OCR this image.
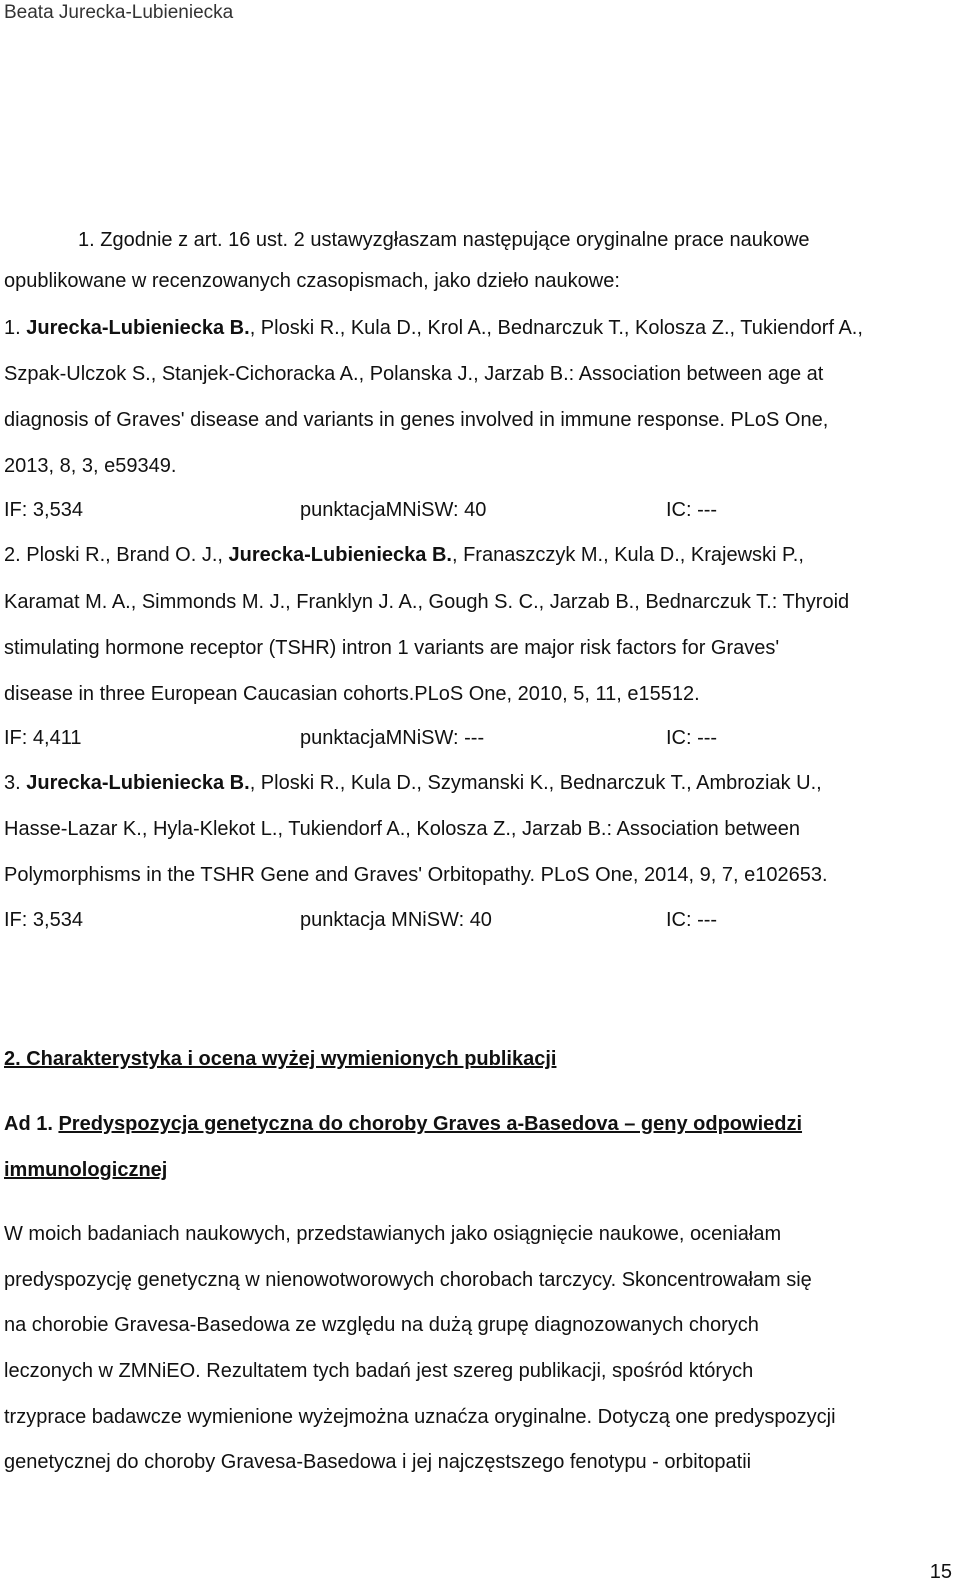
Beata Jurecka-Lubieniecka
1. Zgodnie z art. 16 ust. 2 ustawyzgłaszam następujące oryginalne prace naukowe
opublikowane w recenzowanych czasopismach, jako dzieło naukowe:
1. Jurecka-Lubieniecka B., Ploski R., Kula D., Krol A., Bednarczuk T., Kolosza Z., Tukiendorf A.,
Szpak-Ulczok S., Stanjek-Cichoracka A., Polanska J., Jarzab B.: Association between age at
diagnosis of Graves' disease and variants in genes involved in immune response. PLoS One,
2013, 8, 3, e59349.
IF: 3,534	punktacjaMNiSW: 40	IC: ---
2. Ploski R., Brand O. J., Jurecka-Lubieniecka B., Franaszczyk M., Kula D., Krajewski P.,
Karamat M. A., Simmonds M. J., Franklyn J. A., Gough S. C., Jarzab B., Bednarczuk T.: Thyroid
stimulating hormone receptor (TSHR) intron 1 variants are major risk factors for Graves'
disease in three European Caucasian cohorts.PLoS One, 2010, 5, 11, e15512.
IF: 4,411	punktacjaMNiSW: ---	IC: ---
3. Jurecka-Lubieniecka B., Ploski R., Kula D., Szymanski K., Bednarczuk T., Ambroziak U.,
Hasse-Lazar K., Hyla-Klekot L., Tukiendorf A., Kolosza Z., Jarzab B.: Association between
Polymorphisms in the TSHR Gene and Graves' Orbitopathy. PLoS One, 2014, 9, 7, e102653.
IF: 3,534	punktacja MNiSW: 40	IC: ---
2. Charakterystyka i ocena wyżej wymienionych publikacji
Ad 1. Predyspozycja genetyczna do choroby Graves a-Basedova – geny odpowiedzi
immunologicznej
W moich badaniach naukowych, przedstawianych jako osiągnięcie naukowe, oceniałam
predyspozycję genetyczną w nienowotworowych chorobach tarczycy. Skoncentrowałam się
na chorobie Gravesa-Basedowa ze względu na dużą grupę diagnozowanych chorych
leczonych w ZMNiEO. Rezultatem tych badań jest szereg publikacji, spośród których
trzyprace badawcze wymienione wyżejmożna uznaćza oryginalne. Dotyczą one predyspozycji
genetycznej do choroby Gravesa-Basedowa i jej najczęstszego fenotypu - orbitopatii
15
